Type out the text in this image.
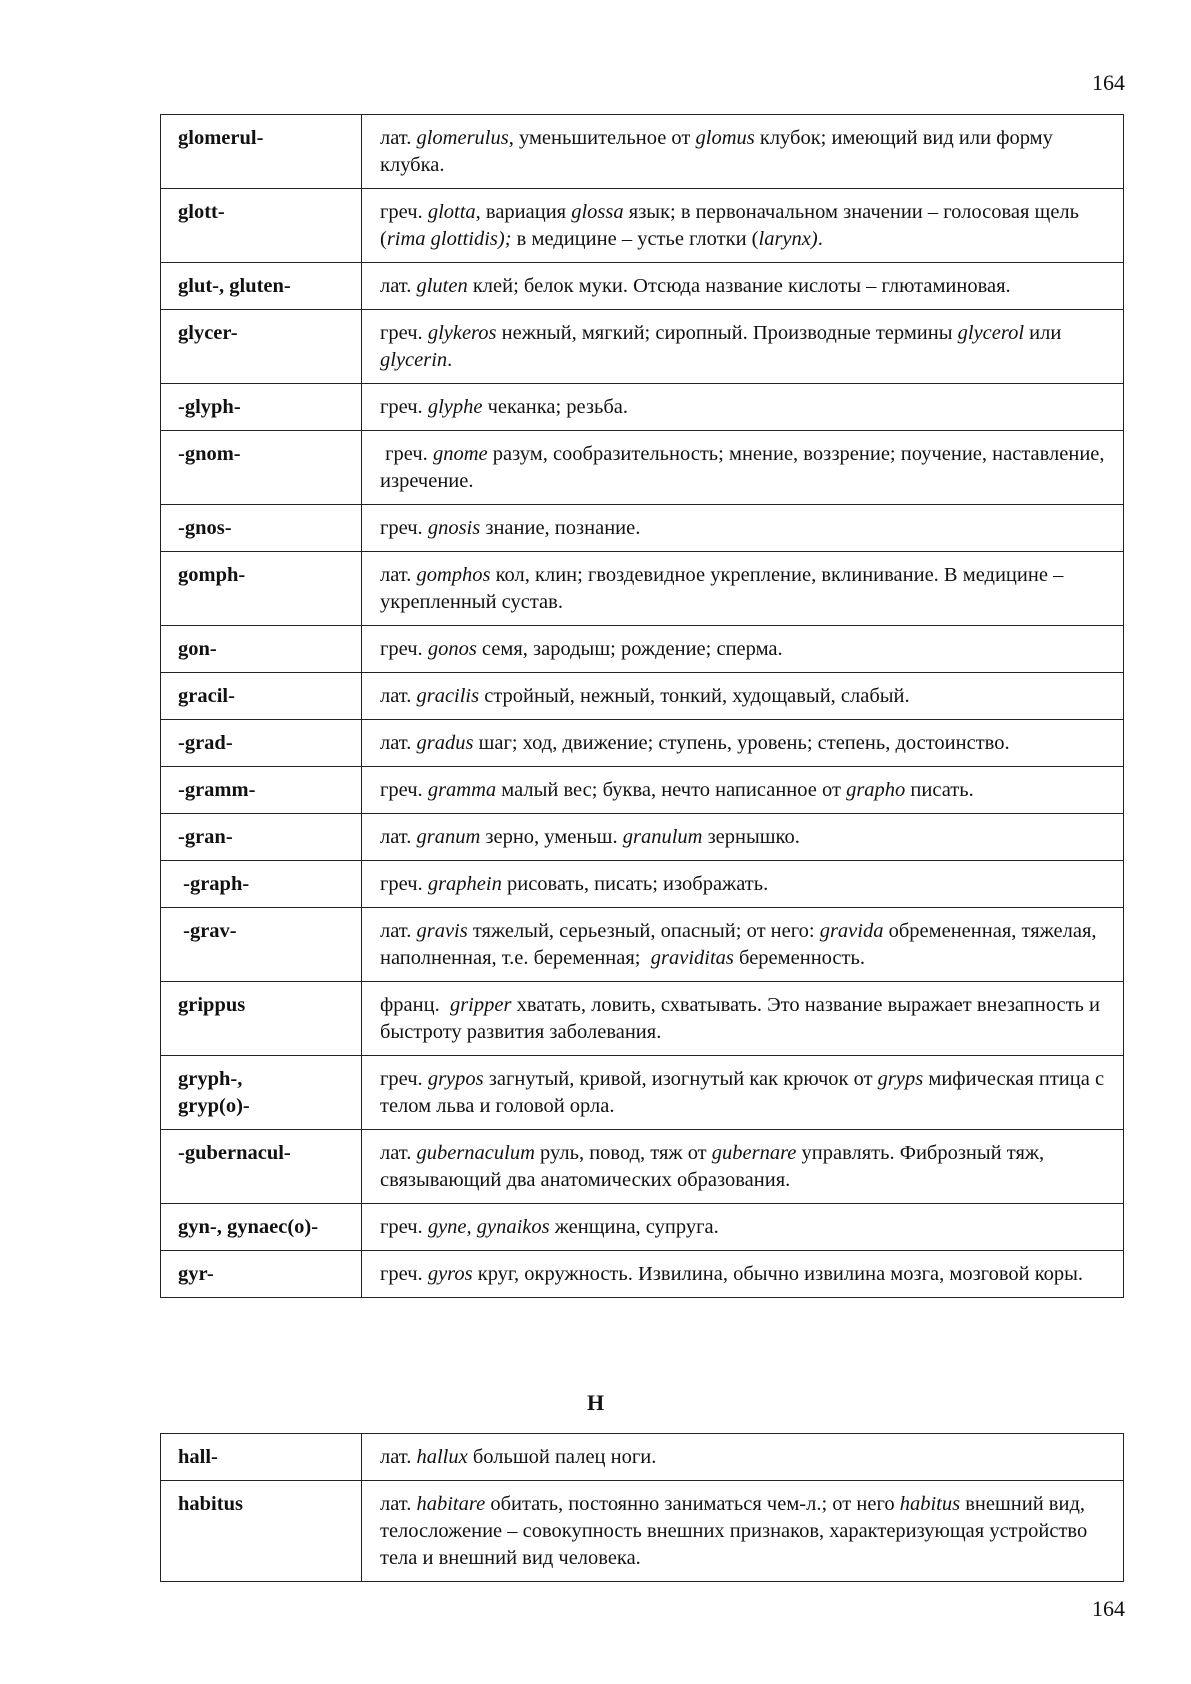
164
glomerul-	лат. glomerulus, уменьшительное от glomus клубок; имеющий вид или форму клубка.
glott-	греч. glotta, вариация glossa язык; в первоначальном значении – голосовая щель (rima glottidis); в медицине – устье глотки (larynx).
glut-, gluten-	лат. gluten клей; белок муки. Отсюда название кислоты – глютаминовая.
glycer-	греч. glykeros нежный, мягкий; сиропный. Производные термины glycerol или glycerin.
-glyph-	греч. glyphe чеканка; резьба.
-gnom-	греч. gnome разум, сообразительность; мнение, воззрение; поучение, наставление, изречение.
-gnos-	греч. gnosis знание, познание.
gomph-	лат. gomphos кол, клин; гвоздевидное укрепление, вклинивание. В медицине – укрепленный сустав.
gon-	греч. gonos семя, зародыш; рождение; сперма.
gracil-	лат. gracilis стройный, нежный, тонкий, худощавый, слабый.
-grad-	лат. gradus шаг; ход, движение; ступень, уровень; степень, достоинство.
-gramm-	греч. gramma малый вес; буква, нечто написанное от grapho писать.
-gran-	лат. granum зерно, уменьш. granulum зернышко.
-graph-	греч. graphein рисовать, писать; изображать.
-grav-	лат. gravis тяжелый, серьезный, опасный; от него: gravida обремененная, тяжелая, наполненная, т.е. беременная;  graviditas беременность.
grippus	франц.  gripper хватать, ловить, схватывать. Это название выражает внезапность и быстроту развития заболевания.
gryph-,
gryp(o)-	греч. grypos загнутый, кривой, изогнутый как крючок от gryps мифическая птица с телом льва и головой орла.
-gubernacul-	лат. gubernaculum руль, повод, тяж от gubernare управлять. Фиброзный тяж, связывающий два анатомических образования.
gyn-, gynaec(o)-	греч. gyne, gynaikos женщина, супруга.
gyr-	греч. gyros круг, окружность. Извилина, обычно извилина мозга, мозговой коры.
H
hall-	лат. hallux большой палец ноги.
habitus	лат. habitare обитать, постоянно заниматься чем-л.; от него habitus внешний вид, телосложение – совокупность внешних признаков, характеризующая устройство тела и внешний вид человека.
164
